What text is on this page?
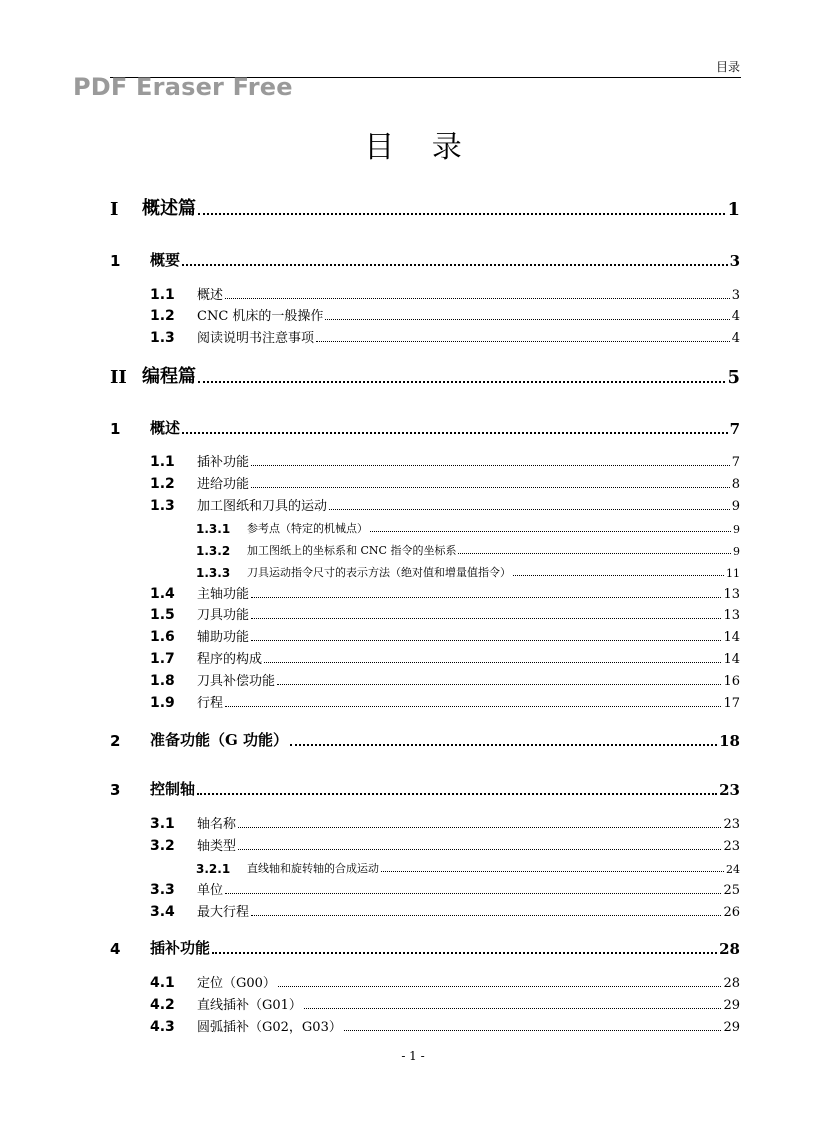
目录
PDF Eraser Free
目 录
I	概述篇	1
1	概要	3
1.1	概述	3
1.2	CNC 机床的一般操作	4
1.3	阅读说明书注意事项	4
II 编程篇	5
1	概述	7
1.1	插补功能	7
1.2	进给功能	8
1.3	加工图纸和刀具的运动	9
1.3.1	参考点（特定的机械点）	9
1.3.2	加工图纸上的坐标系和 CNC 指令的坐标系	9
1.3.3	刀具运动指令尺寸的表示方法（绝对值和增量值指令）	11
1.4	主轴功能	13
1.5	刀具功能	13
1.6	辅助功能	14
1.7	程序的构成	14
1.8	刀具补偿功能	16
1.9	行程	17
2	准备功能（G 功能）	18
3	控制轴	23
3.1	轴名称	23
3.2	轴类型	23
3.2.1	直线轴和旋转轴的合成运动	24
3.3	单位	25
3.4	最大行程	26
4	插补功能	28
4.1	定位（G00）	28
4.2	直线插补（G01）	29
4.3	圆弧插补（G02，G03）	29
- 1 -
